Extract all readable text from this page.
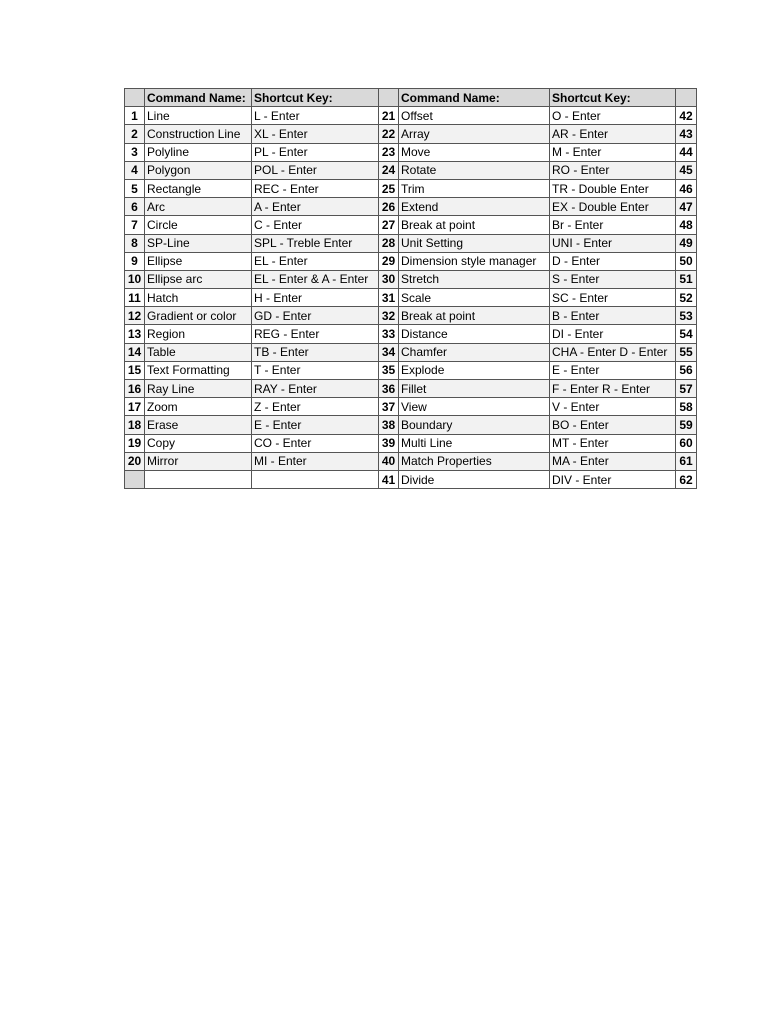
	Command Name:	Shortcut Key:		Command Name:	Shortcut Key:	
1	Line	L - Enter	21	Offset	O - Enter	42
2	Construction Line	XL - Enter	22	Array	AR - Enter	43
3	Polyline	PL - Enter	23	Move	M - Enter	44
4	Polygon	POL - Enter	24	Rotate	RO - Enter	45
5	Rectangle	REC - Enter	25	Trim	TR - Double Enter	46
6	Arc	A - Enter	26	Extend	EX - Double Enter	47
7	Circle	C - Enter	27	Break at point	Br - Enter	48
8	SP-Line	SPL - Treble Enter	28	Unit Setting	UNI - Enter	49
9	Ellipse	EL - Enter	29	Dimension style manager	D - Enter	50
10	Ellipse arc	EL - Enter & A - Enter	30	Stretch	S - Enter	51
11	Hatch	H - Enter	31	Scale	SC - Enter	52
12	Gradient or color	GD - Enter	32	Break at point	B - Enter	53
13	Region	REG - Enter	33	Distance	DI - Enter	54
14	Table	TB - Enter	34	Chamfer	CHA - Enter D - Enter	55
15	Text Formatting	T - Enter	35	Explode	E - Enter	56
16	Ray Line	RAY - Enter	36	Fillet	F - Enter R - Enter	57
17	Zoom	Z - Enter	37	View	V - Enter	58
18	Erase	E - Enter	38	Boundary	BO - Enter	59
19	Copy	CO - Enter	39	Multi Line	MT - Enter	60
20	Mirror	MI - Enter	40	Match Properties	MA - Enter	61
			41	Divide	DIV - Enter	62
